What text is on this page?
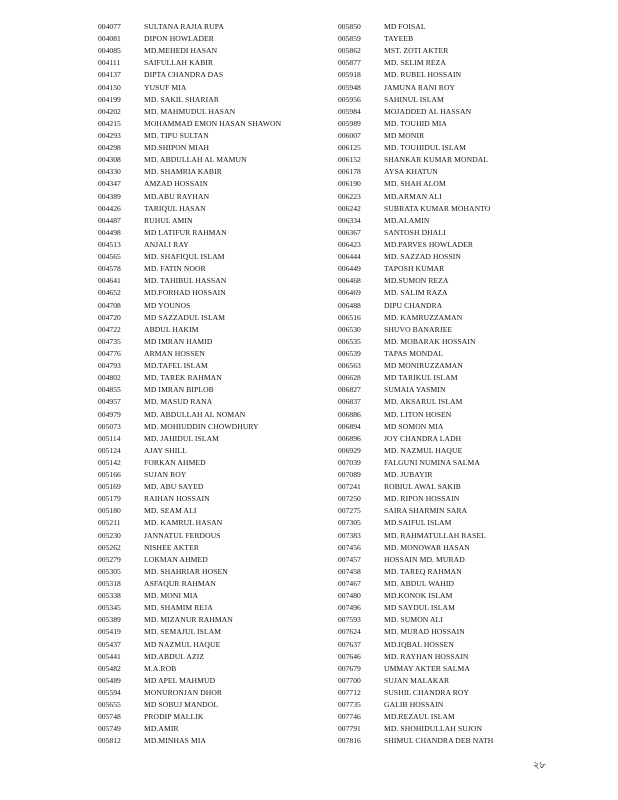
004077	SULTANA RAJIA RUPA
004081	DIPON HOWLADER
004085	MD.MEHEDI HASAN
004111	SAIFULLAH KABIR
004137	DIPTA CHANDRA DAS
004150	YUSUF MIA
004199	MD. SAKIL SHARIAR
004202	MD. MAHMUDUL HASAN
004215	MOHAMMAD EMON HASAN SHAWON
004293	MD. TIPU SULTAN
004298	MD.SHIPON MIAH
004308	MD. ABDULLAH AL MAMUN
004330	MD. SHAMRIA KABIR
004347	AMZAD HOSSAIN
004389	MD.ABU RAYHAN
004426	TARIQUL HASAN
004487	RUHUL AMIN
004498	MD LATIFUR RAHMAN
004513	ANJALI RAY
004565	MD. SHAFIQUL ISLAM
004578	MD. FATIN NOOR
004641	MD. TAHIBUL HASSAN
004652	MD.FORHAD HOSSAIN
004708	MD YOUNOS
004720	MD SAZZADUL ISLAM
004722	ABDUL HAKIM
004735	MD IMRAN HAMID
004776	ARMAN HOSSEN
004793	MD.TAFEL ISLAM
004802	MD. TAREK RAHMAN
004855	MD IMRAN BIPLOB
004957	MD. MASUD RANA
004979	MD. ABDULLAH AL NOMAN
005073	MD. MOHIUDDIN CHOWDHURY
005114	MD. JAHIDUL ISLAM
005124	AJAY SHILL
005142	FORKAN AHMED
005166	SUJAN ROY
005169	MD. ABU SAYED
005179	RAIHAN HOSSAIN
005180	MD. SEAM ALI
005211	MD. KAMRUL HASAN
005230	JANNATUL FERDOUS
005262	NISHEE AKTER
005279	LOKMAN AHMED
005305	MD. SHAHRIAR HOSEN
005318	ASFAQUR RAHMAN
005338	MD. MONI MIA
005345	MD. SHAMIM REJA
005389	MD. MIZANUR RAHMAN
005419	MD. SEMAJUL ISLAM
005437	MD NAZMUL HAQUE
005441	MD.ABDUL AZIZ
005482	M.A.ROB
005489	MD APEL MAHMUD
005594	MONURONJAN DHOR
005655	MD SOBUJ MANDOL
005748	PRODIP MALLIK
005749	MD.AMIR
005812	MD.MINHAS MIA
005850	MD FOISAL
005859	TAYEEB
005862	MST. ZOTI AKTER
005877	MD. SELIM REZA
005918	MD. RUBEL HOSSAIN
005948	JAMUNA RANI ROY
005956	SAHINUL ISLAM
005984	MOJADDED AL HASSAN
005989	MD. TOUHID MIA
006007	MD MONIR
006125	MD. TOUHIDUL ISLAM
006152	SHANKAR KUMAR MONDAL
006178	AYSA KHATUN
006190	MD. SHAH ALOM
006223	MD.ARMAN ALI
006242	SUBRATA KUMAR MOHANTO
006334	MD.ALAMIN
006367	SANTOSH DHALI
006423	MD.PARVES HOWLADER
006444	MD. SAZZAD HOSSIN
006449	TAPOSH KUMAR
006468	MD.SUMON REZA
006469	MD. SALIM RAZA
006488	DIPU CHANDRA
006516	MD. KAMRUZZAMAN
006530	SHUVO BANARJEE
006535	MD. MOBARAK HOSSAIN
006539	TAPAS MONDAL
006563	MD MONIRUZZAMAN
006628	MD TARIKUL ISLAM
006827	SUMAIA YASMIN
006837	MD. AKSARUL ISLAM
006886	MD. LITON HOSEN
006894	MD SOMON MIA
006896	JOY CHANDRA LADH
006929	MD. NAZMUL HAQUE
007039	FALGUNI NUMINA SALMA
007089	MD. JUBAYIR
007241	ROBIUL AWAL SAKIB
007250	MD. RIPON HOSSAIN
007275	SAIRA SHARMIN SARA
007305	MD.SAIFUL ISLAM
007383	MD. RAHMATULLAH RASEL
007456	MD. MONOWAR HASAN
007457	HOSSAIN MD. MURAD
007458	MD. TAREQ RAHMAN
007467	MD. ABDUL WAHID
007480	MD.KONOK ISLAM
007496	MD SAYDUL ISLAM
007593	MD. SUMON ALI
007624	MD. MURAD HOSSAIN
007637	MD.IQBAL HOSSEN
007646	MD. RAYHAN HOSSAIN
007679	UMMAY AKTER SALMA
007700	SUJAN MALAKAR
007712	SUSHIL CHANDRA ROY
007735	GALIB HOSSAIN
007746	MD.REZAUL ISLAM
007791	MD. SHOHIDULLAH SUJON
007816	SHIMUL CHANDRA DEB NATH
২৮
